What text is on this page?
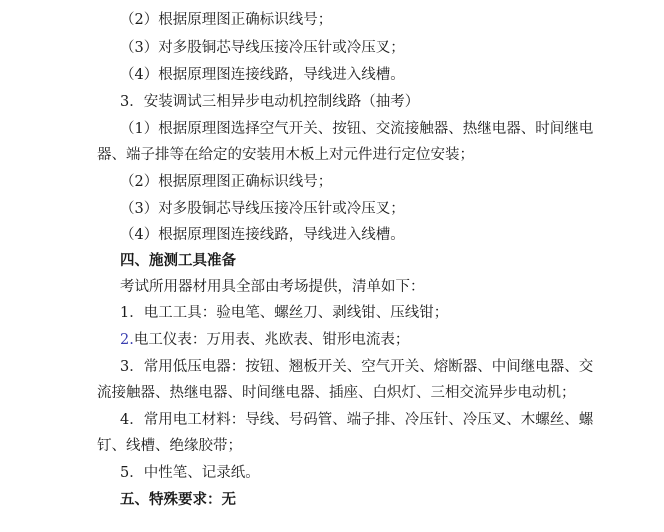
（2）根据原理图正确标识线号；
（3）对多股铜芯导线压接冷压针或冷压叉；
（4）根据原理图连接线路，导线进入线槽。
3．安装调试三相异步电动机控制线路（抽考）
（1）根据原理图选择空气开关、按钮、交流接触器、热继电器、时间继电
器、端子排等在给定的安装用木板上对元件进行定位安装；
（2）根据原理图正确标识线号；
（3）对多股铜芯导线压接冷压针或冷压叉；
（4）根据原理图连接线路，导线进入线槽。
四、施测工具准备
考试所用器材用具全部由考场提供，清单如下：
1．电工工具：验电笔、螺丝刀、剥线钳、压线钳；
2.电工仪表：万用表、兆欧表、钳形电流表；
3．常用低压电器：按钮、翘板开关、空气开关、熔断器、中间继电器、交
流接触器、热继电器、时间继电器、插座、白炽灯、三相交流异步电动机；
4．常用电工材料：导线、号码管、端子排、冷压针、冷压叉、木螺丝、螺
钉、线槽、绝缘胶带；
5．中性笔、记录纸。
五、特殊要求：无
